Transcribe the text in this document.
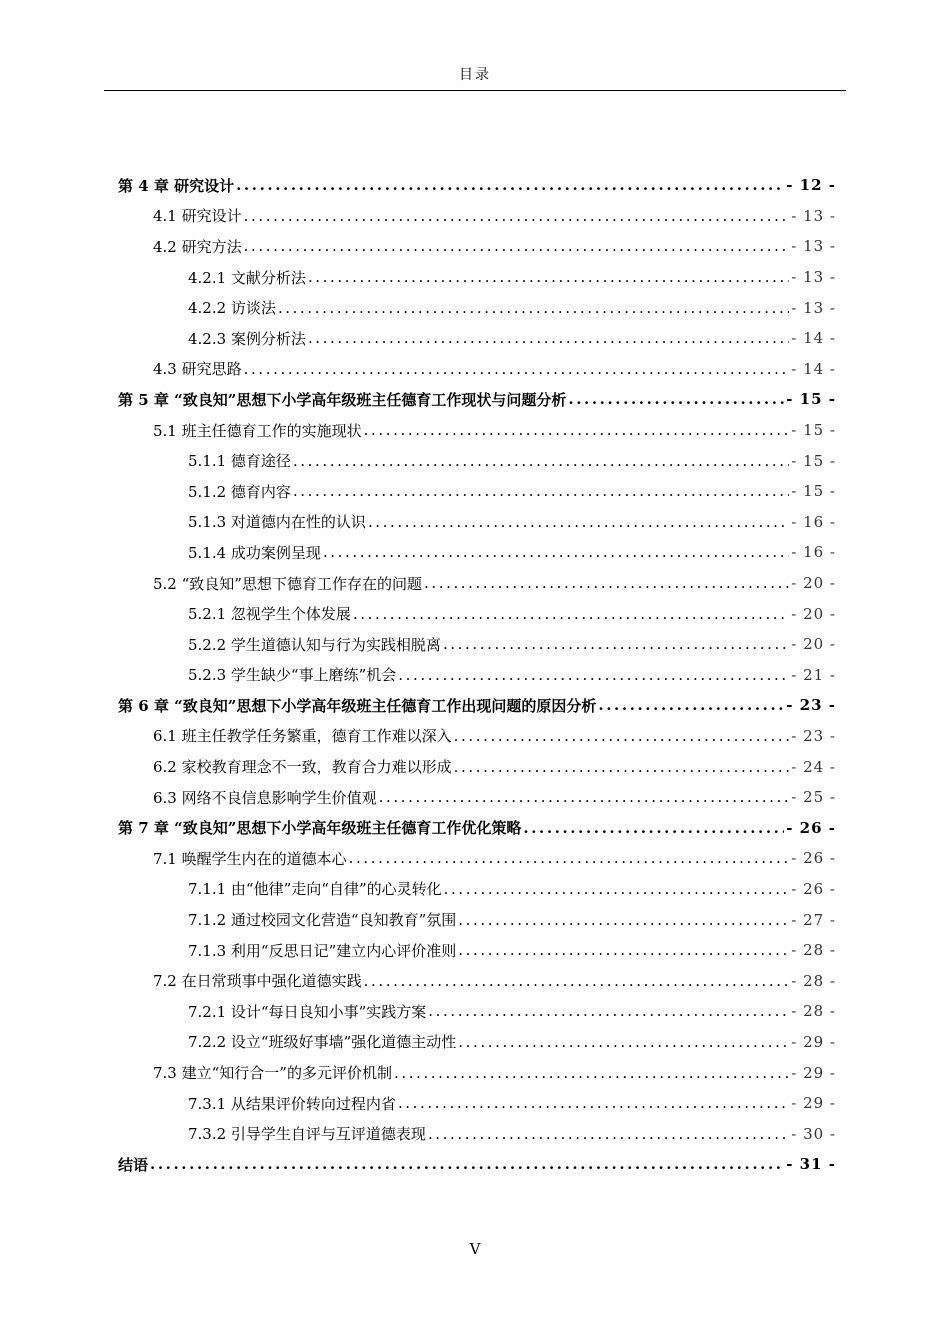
目录
第 4 章 研究设计 .....	- 12 -
4.1 研究设计 .....	- 13 -
4.2 研究方法 .....	- 13 -
4.2.1 文献分析法 .....	- 13 -
4.2.2 访谈法 .....	- 13 -
4.2.3 案例分析法 .....	- 14 -
4.3 研究思路 .....	- 14 -
第 5 章 “致良知”思想下小学高年级班主任德育工作现状与问题分析 .....	- 15 -
5.1 班主任德育工作的实施现状 .....	- 15 -
5.1.1 德育途径 .....	- 15 -
5.1.2 德育内容 .....	- 15 -
5.1.3 对道德内在性的认识 .....	- 16 -
5.1.4 成功案例呈现 .....	- 16 -
5.2 “致良知”思想下德育工作存在的问题 .....	- 20 -
5.2.1 忽视学生个体发展 .....	- 20 -
5.2.2 学生道德认知与行为实践相脱离 .....	- 20 -
5.2.3 学生缺少“事上磨练”机会 .....	- 21 -
第 6 章 “致良知”思想下小学高年级班主任德育工作出现问题的原因分析 .....	- 23 -
6.1 班主任教学任务繁重，德育工作难以深入 .....	- 23 -
6.2 家校教育理念不一致，教育合力难以形成 .....	- 24 -
6.3 网络不良信息影响学生价值观 .....	- 25 -
第 7 章 “致良知”思想下小学高年级班主任德育工作优化策略 .....	- 26 -
7.1 唤醒学生内在的道德本心 .....	- 26 -
7.1.1 由“他律”走向“自律”的心灵转化 .....	- 26 -
7.1.2 通过校园文化营造“良知教育”氛围 .....	- 27 -
7.1.3 利用“反思日记”建立内心评价准则 .....	- 28 -
7.2 在日常琐事中强化道德实践 .....	- 28 -
7.2.1 设计“每日良知小事”实践方案 .....	- 28 -
7.2.2 设立“班级好事墙”强化道德主动性 .....	- 29 -
7.3 建立“知行合一”的多元评价机制 .....	- 29 -
7.3.1 从结果评价转向过程内省 .....	- 29 -
7.3.2 引导学生自评与互评道德表现 .....	- 30 -
结语 .....	- 31 -
V
